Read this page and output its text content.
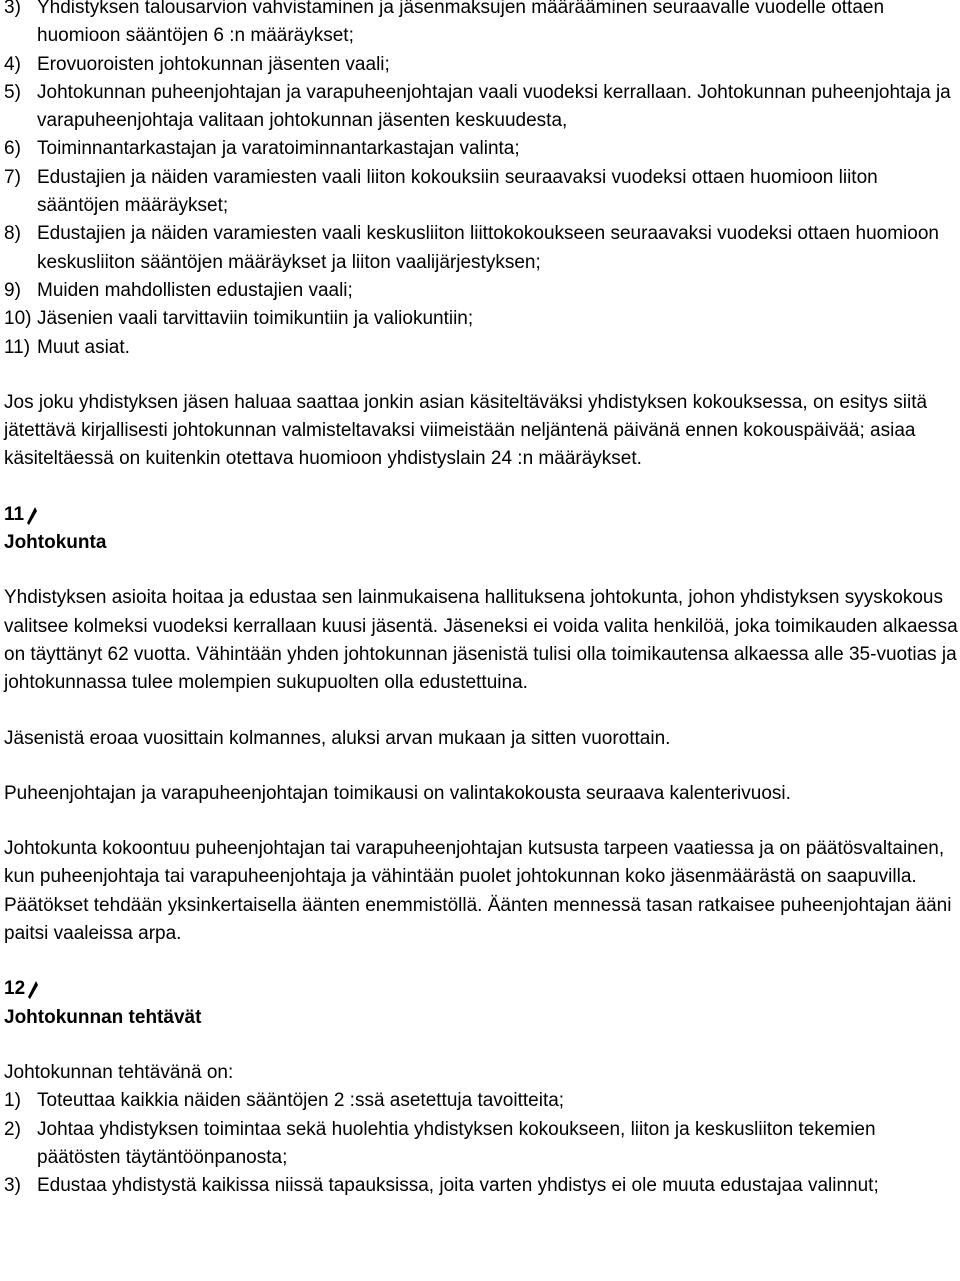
3) Yhdistyksen talousarvion vahvistaminen ja jäsenmaksujen määrääminen seuraavalle vuodelle ottaen huomioon sääntöjen 6 :n määräykset;
4) Erovuoroisten johtokunnan jäsenten vaali;
5) Johtokunnan puheenjohtajan ja varapuheenjohtajan vaali vuodeksi kerrallaan. Johtokunnan puheenjohtaja ja varapuheenjohtaja valitaan johtokunnan jäsenten keskuudesta,
6) Toiminnantarkastajan ja varatoiminnantarkastajan valinta;
7) Edustajien ja näiden varamiesten vaali liiton kokouksiin seuraavaksi vuodeksi ottaen huomioon liiton sääntöjen määräykset;
8) Edustajien ja näiden varamiesten vaali keskusliiton liittokokoukseen seuraavaksi vuodeksi ottaen huomioon keskusliiton sääntöjen määräykset ja liiton vaalijärjestyksen;
9) Muiden mahdollisten edustajien vaali;
10) Jäsenien vaali tarvittaviin toimikuntiin ja valiokuntiin;
11) Muut asiat.

Jos joku yhdistyksen jäsen haluaa saattaa jonkin asian käsiteltäväksi yhdistyksen kokouksessa, on esitys siitä jätettävä kirjallisesti johtokunnan valmisteltavaksi viimeistään neljäntenä päivänä ennen kokouspäivää; asiaa käsiteltäessä on kuitenkin otettava huomioon yhdistyslain 24 :n määräykset.

11
Johtokunta

Yhdistyksen asioita hoitaa ja edustaa sen lainmukaisena hallituksena johtokunta, johon yhdistyksen syyskokous valitsee kolmeksi vuodeksi kerrallaan kuusi jäsentä. Jäseneksi ei voida valita henkilöä, joka toimikauden alkaessa on täyttänyt 62 vuotta. Vähintään yhden johtokunnan jäsenistä tulisi olla toimikautensa alkaessa alle 35-vuotias ja johtokunnassa tulee molempien sukupuolten olla edustettuina.

Jäsenistä eroaa vuosittain kolmannes, aluksi arvan mukaan ja sitten vuorottain.

Puheenjohtajan ja varapuheenjohtajan toimikausi on valintakokousta seuraava kalenterivuosi.

Johtokunta kokoontuu puheenjohtajan tai varapuheenjohtajan kutsusta tarpeen vaatiessa ja on päätösvaltainen, kun puheenjohtaja tai varapuheenjohtaja ja vähintään puolet johtokunnan koko jäsenmäärästä on saapuvilla. Päätökset tehdään yksinkertaisella äänten enemmistöllä. Äänten mennessä tasan ratkaisee puheenjohtajan ääni paitsi vaaleissa arpa.

12
Johtokunnan tehtävät

Johtokunnan tehtävänä on:

1) Toteuttaa kaikkia näiden sääntöjen 2 :ssä asetettuja tavoitteita;
2) Johtaa yhdistyksen toimintaa sekä huolehtia yhdistyksen kokoukseen, liiton ja keskusliiton tekemien päätösten täytäntöönpanosta;
3) Edustaa yhdistystä kaikissa niissä tapauksissa, joita varten yhdistys ei ole muuta edustajaa valinnut;
